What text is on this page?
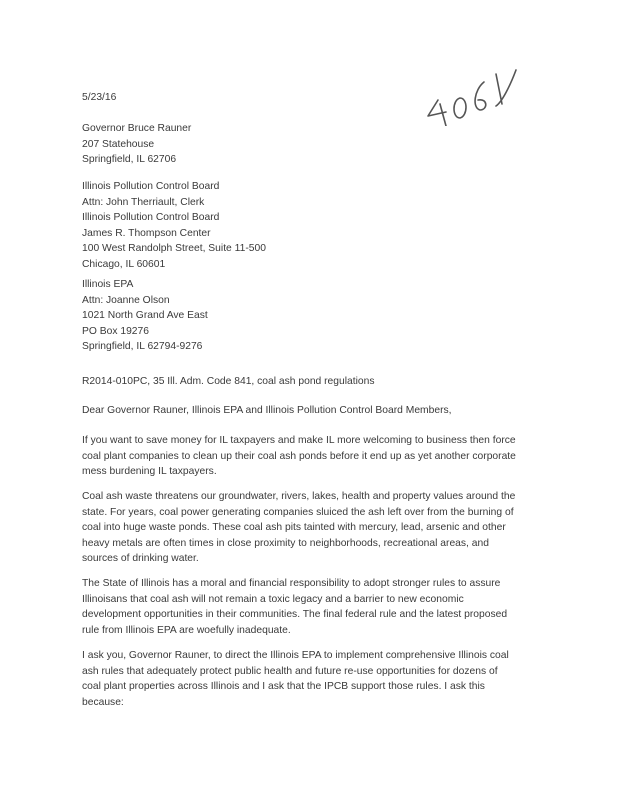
5/23/16
Governor Bruce Rauner
207 Statehouse
Springfield, IL 62706
Illinois Pollution Control Board
Attn: John Therriault, Clerk
Illinois Pollution Control Board
James R. Thompson Center
100 West Randolph Street, Suite 11-500
Chicago, IL 60601
Illinois EPA
Attn: Joanne Olson
1021 North Grand Ave East
PO Box 19276
Springfield, IL 62794-9276
R2014-010PC, 35 Ill. Adm. Code 841, coal ash pond regulations
Dear Governor Rauner, Illinois EPA and Illinois Pollution Control Board Members,
If you want to save money for IL taxpayers and make IL more welcoming to business then force
coal plant companies to clean up their coal ash ponds before it end up as yet another corporate
mess burdening IL taxpayers.
Coal ash waste threatens our groundwater, rivers, lakes, health and property values around the
state. For years, coal power generating companies sluiced the ash left over from the burning of
coal into huge waste ponds. These coal ash pits tainted with mercury, lead, arsenic and other
heavy metals are often times in close proximity to neighborhoods, recreational areas, and
sources of drinking water.
The State of Illinois has a moral and financial responsibility to adopt stronger rules to assure
Illinoisans that coal ash will not remain a toxic legacy and a barrier to new economic
development opportunities in their communities. The final federal rule and the latest proposed
rule from Illinois EPA are woefully inadequate.
I ask you, Governor Rauner, to direct the Illinois EPA to implement comprehensive Illinois coal
ash rules that adequately protect public health and future re-use opportunities for dozens of
coal plant properties across Illinois and I ask that the IPCB support those rules. I ask this
because:
